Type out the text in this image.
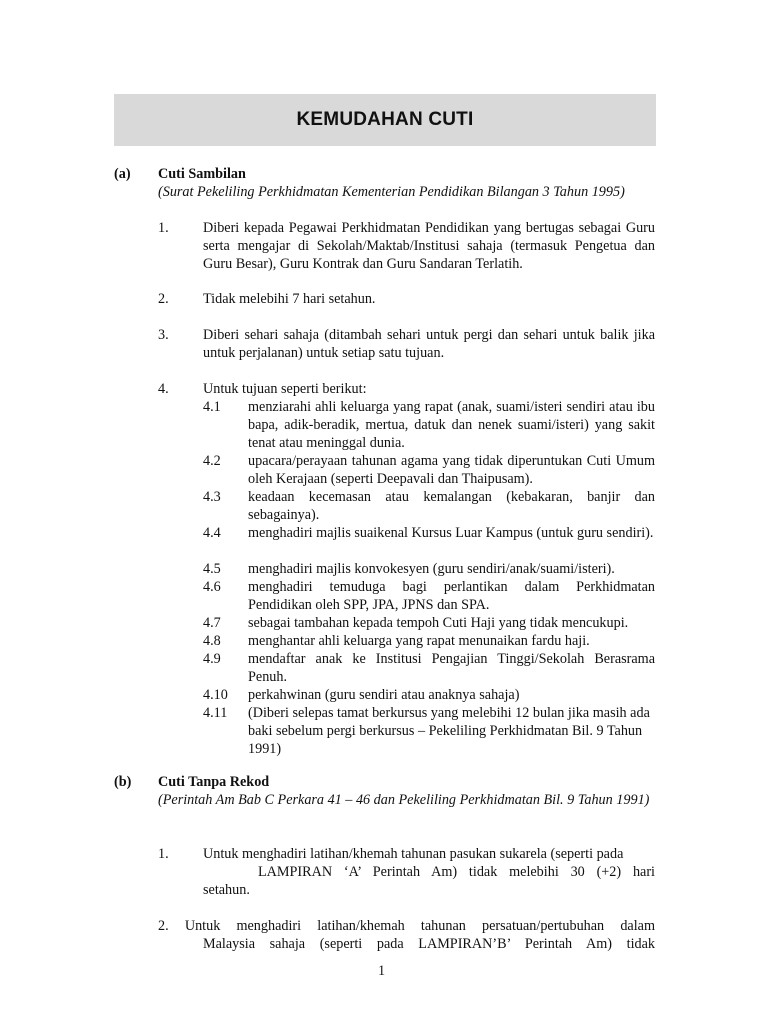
KEMUDAHAN CUTI
(a) Cuti Sambilan
(Surat Pekeliling Perkhidmatan Kementerian Pendidikan Bilangan 3 Tahun 1995)
1. Diberi kepada Pegawai Perkhidmatan Pendidikan yang bertugas sebagai Guru serta mengajar di Sekolah/Maktab/Institusi sahaja (termasuk Pengetua dan Guru Besar), Guru Kontrak dan Guru Sandaran Terlatih.
2. Tidak melebihi 7 hari setahun.
3. Diberi sehari sahaja (ditambah sehari untuk pergi dan sehari untuk balik jika untuk perjalanan) untuk setiap satu tujuan.
4. Untuk tujuan seperti berikut:
4.1 menziarahi ahli keluarga yang rapat (anak, suami/isteri sendiri atau ibu bapa, adik-beradik, mertua, datuk dan nenek suami/isteri) yang sakit tenat atau meninggal dunia.
4.2 upacara/perayaan tahunan agama yang tidak diperuntukan Cuti Umum oleh Kerajaan (seperti Deepavali dan Thaipusam).
4.3 keadaan kecemasan atau kemalangan (kebakaran, banjir dan sebagainya).
4.4 menghadiri majlis suaikenal Kursus Luar Kampus (untuk guru sendiri).
4.5 menghadiri majlis konvokesyen (guru sendiri/anak/suami/isteri).
4.6 menghadiri temuduga bagi perlantikan dalam Perkhidmatan Pendidikan oleh SPP, JPA, JPNS dan SPA.
4.7 sebagai tambahan kepada tempoh Cuti Haji yang tidak mencukupi.
4.8 menghantar ahli keluarga yang rapat menunaikan fardu haji.
4.9 mendaftar anak ke Institusi Pengajian Tinggi/Sekolah Berasrama Penuh.
4.10 perkahwinan (guru sendiri atau anaknya sahaja)
4.11 (Diberi selepas tamat berkursus yang melebihi 12 bulan jika masih ada baki sebelum pergi berkursus – Pekeliling Perkhidmatan Bil. 9 Tahun 1991)
(b) Cuti Tanpa Rekod
(Perintah Am Bab C Perkara 41 – 46 dan Pekeliling Perkhidmatan Bil. 9 Tahun 1991)
1. Untuk menghadiri latihan/khemah tahunan pasukan sukarela (seperti pada
LAMPIRAN ‘A’ Perintah Am) tidak melebihi 30 (+2) hari
setahun.
2. Untuk menghadiri latihan/khemah tahunan persatuan/pertubuhan dalam
Malaysia sahaja (seperti pada LAMPIRAN’B’ Perintah Am) tidak
1
